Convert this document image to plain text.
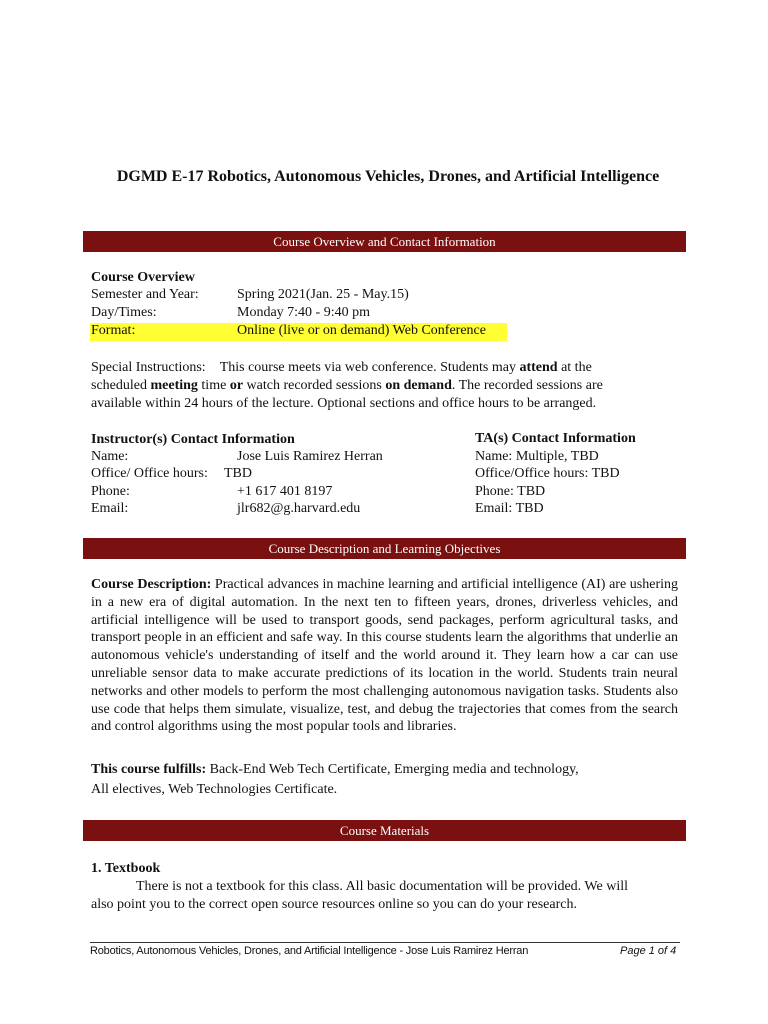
DGMD E-17 Robotics, Autonomous Vehicles, Drones, and Artificial Intelligence
Course Overview and Contact Information
Course Overview
Semester and Year:	Spring 2021(Jan. 25 - May.15)
Day/Times:	Monday 7:40 - 9:40 pm
Format:	Online (live or on demand) Web Conference
Special Instructions: This course meets via web conference. Students may attend at the
scheduled meeting time or watch recorded sessions on demand. The recorded sessions are
available within 24 hours of the lecture. Optional sections and office hours to be arranged.
Instructor(s) Contact Information
Name:	Jose Luis Ramirez Herran
Office/ Office hours: TBD
Phone:	+1 617 401 8197
Email:	jlr682@g.harvard.edu
TA(s) Contact Information
Name: Multiple, TBD
Office/Office hours: TBD
Phone: TBD
Email: TBD
Course Description and Learning Objectives
Course Description: Practical advances in machine learning and artificial intelligence (AI) are ushering in a new era of digital automation. In the next ten to fifteen years, drones, driverless vehicles, and artificial intelligence will be used to transport goods, send packages, perform agricultural tasks, and transport people in an efficient and safe way. In this course students learn the algorithms that underlie an autonomous vehicle's understanding of itself and the world around it. They learn how a car can use unreliable sensor data to make accurate predictions of its location in the world. Students train neural networks and other models to perform the most challenging autonomous navigation tasks. Students also use code that helps them simulate, visualize, test, and debug the trajectories that comes from the search and control algorithms using the most popular tools and libraries.
This course fulfills: Back-End Web Tech Certificate, Emerging media and technology,
All electives, Web Technologies Certificate.
Course Materials
1. Textbook
There is not a textbook for this class. All basic documentation will be provided. We will
also point you to the correct open source resources online so you can do your research.
Robotics, Autonomous Vehicles, Drones, and Artificial Intelligence - Jose Luis Ramirez Herran	Page 1 of 4
